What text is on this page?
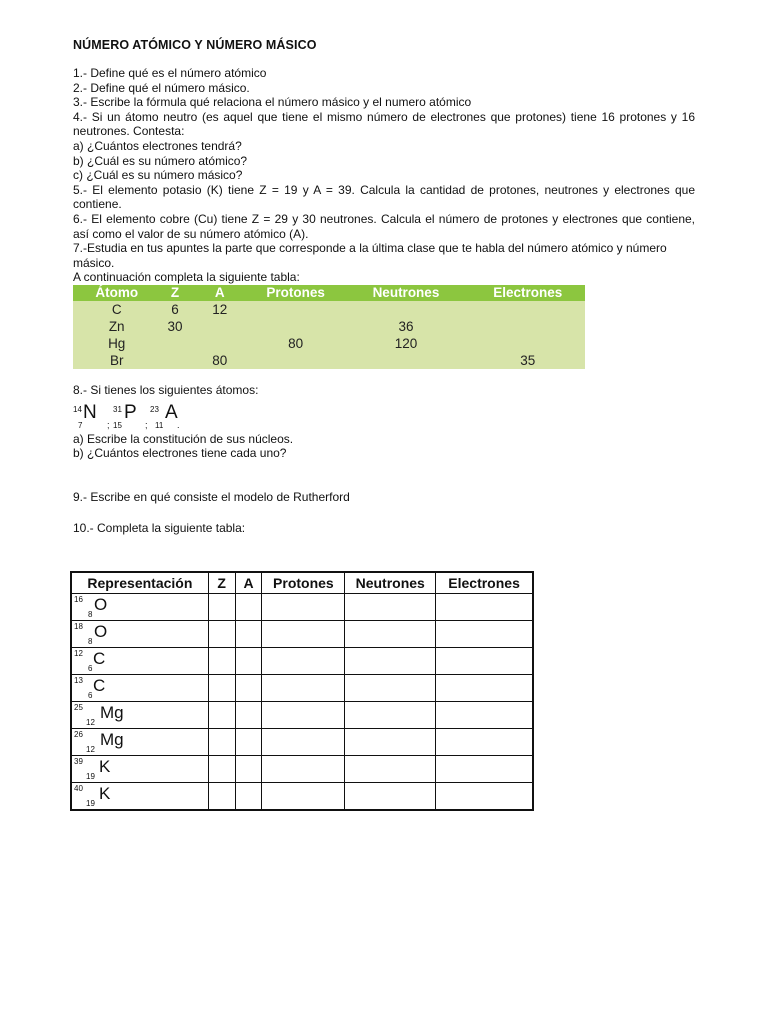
NÚMERO ATÓMICO Y NÚMERO MÁSICO

1.- Define qué es el número atómico

2.- Define qué el número másico.

3.- Escribe la fórmula qué relaciona el número másico y el numero atómico

4.- Si un átomo neutro (es aquel que tiene el mismo número de electrones que protones) tiene 16 protones y 16 neutrones. Contesta:

a) ¿Cuántos electrones tendrá?

b) ¿Cuál es su número atómico?

c) ¿Cuál es su número másico?

5.- El elemento potasio (K) tiene Z = 19 y A = 39. Calcula la cantidad de protones, neutrones y electrones que contiene.

6.- El elemento cobre (Cu) tiene Z = 29 y 30 neutrones. Calcula el número de protones y electrones que contiene, así como el valor de su número atómico (A).

7.-Estudia en tus apuntes la parte que corresponde a la última clase que te habla del número atómico y número másico.

A continuación completa la siguiente tabla:

Átomo	Z	A	Protones	Neutrones	Electrones
C	6	12			
Zn	30			36	
Hg			80	120	
Br		80			35

8.- Si tienes los siguientes átomos:

14
7
N
;
31
15
P
;
23
11
A
.

a) Escribe la constitución de sus núcleos.

b) ¿Cuántos electrones tiene cada uno?

9.- Escribe en qué consiste el modelo de Rutherford

10.- Completa la siguiente tabla:

Representación	Z	A	Protones	Neutrones	Electrones

16
8
O					

18
8
O					

12
6
C					

13
6
C					

25
12
Mg					

26
12
Mg					

39
19
K					

40
19
K					
